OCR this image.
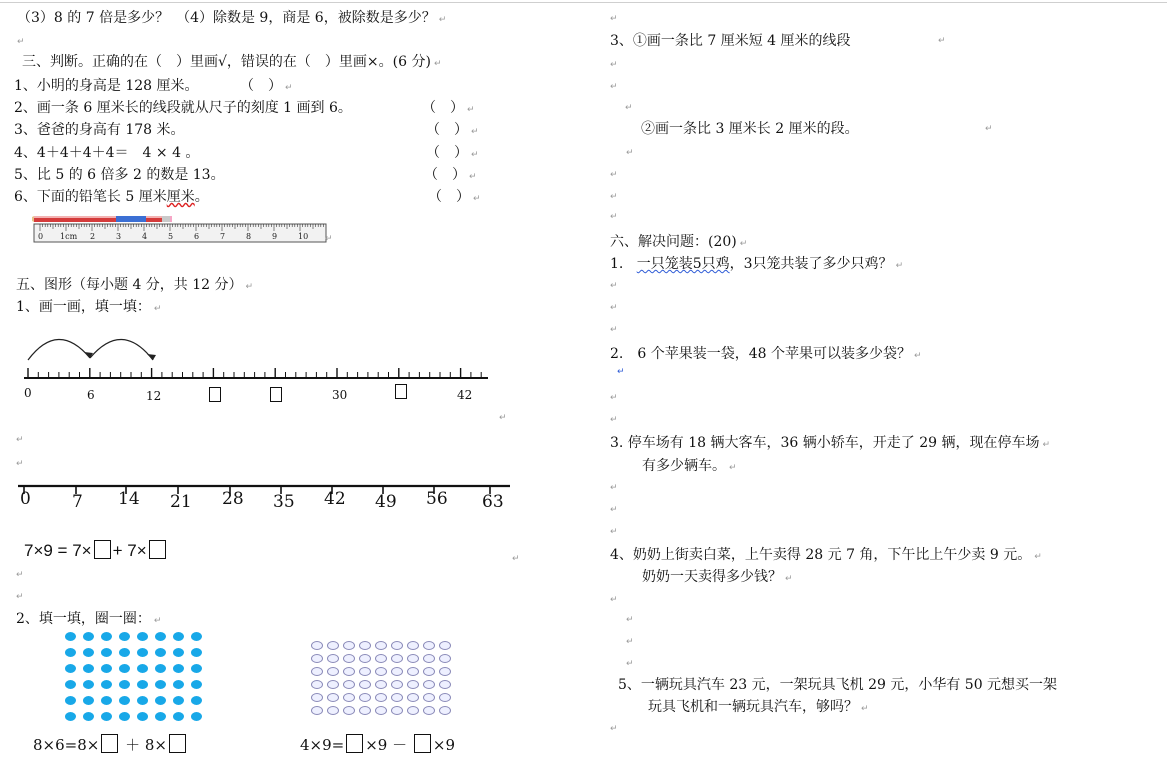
（3）8 的 7 倍是多少？　（4）除数是 9，商是 6，被除数是多少？ ↵
↵
三、判断。正确的在（　）里画√，错误的在（　）里画×。(6 分) ↵
1、小明的身高是 128 厘米。	（　） ↵
2、画一条 6 厘米长的线段就从尺子的刻度 1 画到 6。	（　） ↵
3、爸爸的身高有 178 米。	（　） ↵
4、4＋4＋4＋4＝　4 × 4 。	（　） ↵
5、比 5 的 6 倍多 2 的数是 13。	（　） ↵
6、下面的铅笔长 5 厘米厘米。	（　） ↵
0 1cm 2	3	4	5	6	7	8	9	10 ↵
五、图形（每小题 4 分，共 12 分） ↵
1、画一画，填一填： ↵
0	6	12	30	42
↵
↵
↵
0 7 14 21 28 35 42 49 56 63
7×9 = 7× + 7×	↵
↵
↵
2、填一填，圈一圈： ↵
8×6=8× ＋ 8×	4×9= ×9 － ×9
↵
3、①画一条比 7 厘米短 4 厘米的线段	↵
↵
↵
↵
②画一条比 3 厘米长 2 厘米的段。	↵
↵
↵
↵
↵
六、解决问题：(20) ↵
1. 一只笼装5只鸡，3只笼共装了多少只鸡？ ↵
↵
↵
↵
2.　6 个苹果装一袋，48 个苹果可以装多少袋？ ↵
↵
↵
↵
3. 停车场有 18 辆大客车，36 辆小轿车，开走了 29 辆，现在停车场 ↵
有多少辆车。 ↵
↵
↵
↵
4、奶奶上街卖白菜，上午卖得 28 元 7 角，下午比上午少卖 9 元。 ↵
奶奶一天卖得多少钱？ ↵
↵
↵
↵
↵
5、一辆玩具汽车 23 元，一架玩具飞机 29 元，小华有 50 元想买一架
玩具飞机和一辆玩具汽车，够吗？ ↵
↵
